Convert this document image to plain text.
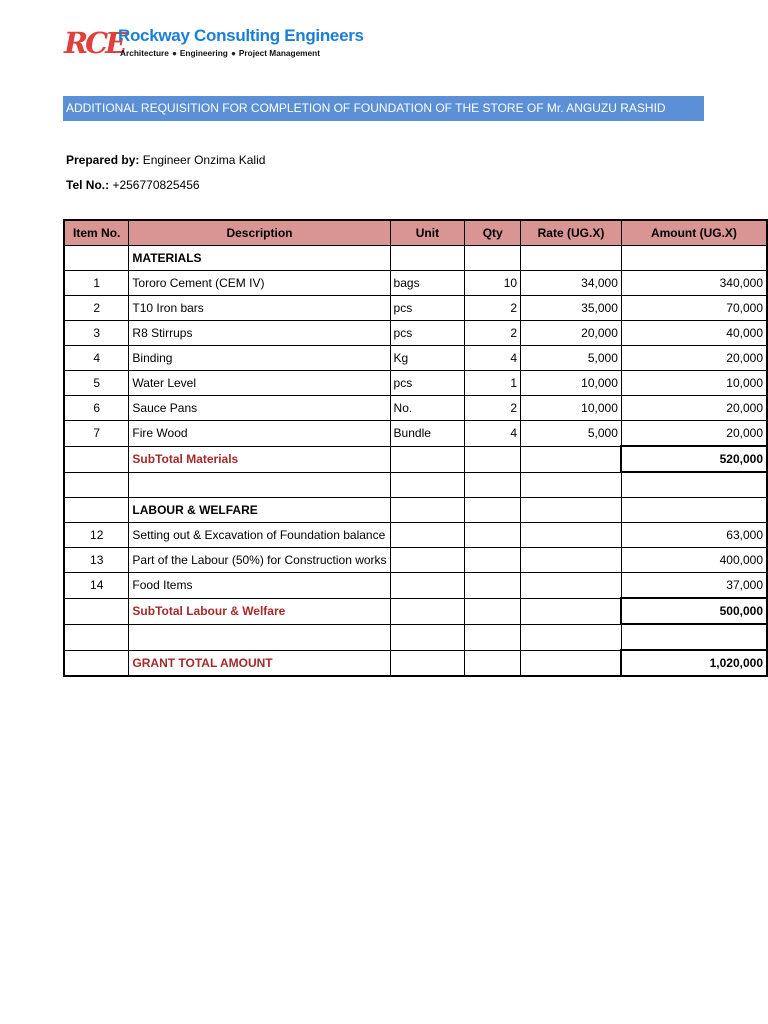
RCE
Rockway Consulting Engineers
Architecture ● Engineering ● Project Management
ADDITIONAL REQUISITION FOR COMPLETION OF FOUNDATION OF THE STORE OF Mr. ANGUZU RASHID
Prepared by: Engineer Onzima Kalid
Tel No.: +256770825456
Item No.	Description	Unit	Qty	Rate (UG.X)	Amount (UG.X)
	MATERIALS				
1	Tororo Cement (CEM IV)	bags	10	34,000	340,000
2	T10 Iron bars	pcs	2	35,000	70,000
3	R8 Stirrups	pcs	2	20,000	40,000
4	Binding	Kg	4	5,000	20,000
5	Water Level	pcs	1	10,000	10,000
6	Sauce Pans	No.	2	10,000	20,000
7	Fire Wood	Bundle	4	5,000	20,000
	SubTotal Materials				520,000

	LABOUR & WELFARE				
12	Setting out & Excavation of Foundation balance				63,000
13	Part of the Labour (50%) for Construction works				400,000
14	Food Items				37,000
	SubTotal Labour & Welfare				500,000

	GRANT TOTAL AMOUNT				1,020,000
